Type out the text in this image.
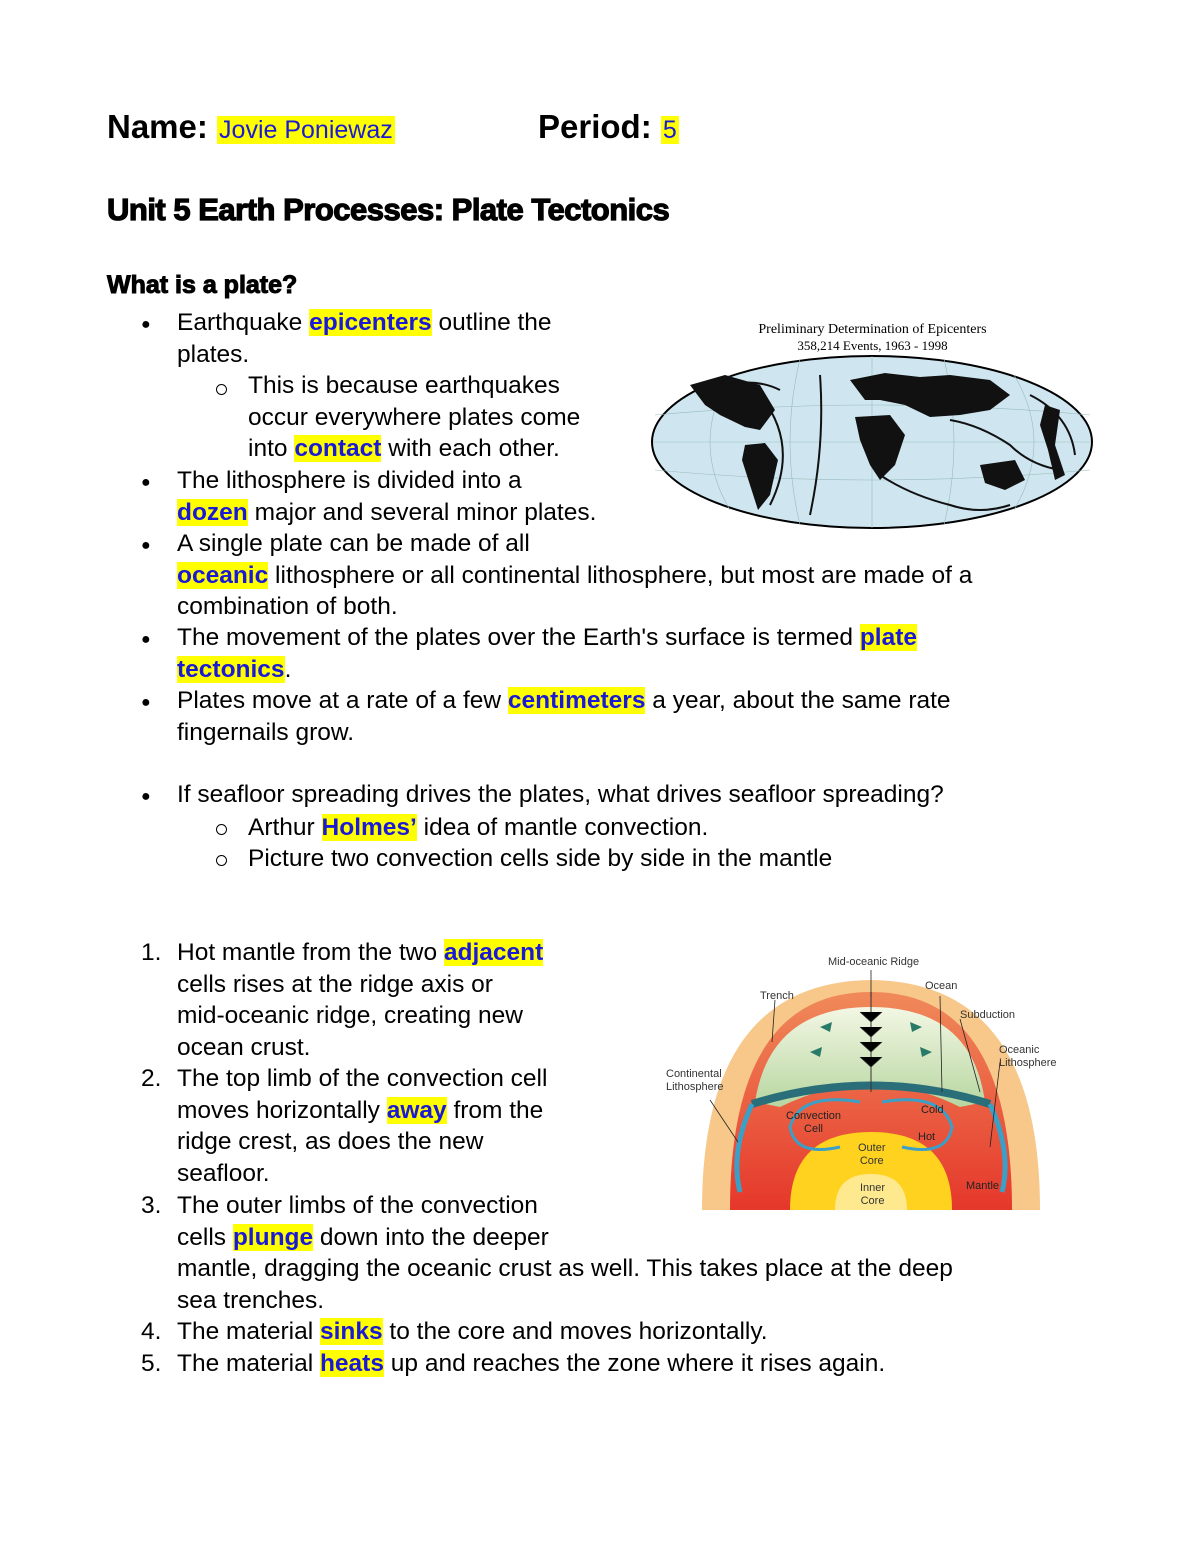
Name: Jovie Poniewaz	Period: 5
Unit 5 Earth Processes: Plate Tectonics
What is a plate?
● Earthquake epicenters outline the
plates.
This is because earthquakes
occur everywhere plates come
into contact with each other.
● The lithosphere is divided into a
dozen major and several minor plates.
● A single plate can be made of all
oceanic lithosphere or all continental lithosphere, but most are made of a
combination of both.
● The movement of the plates over the Earth's surface is termed plate
tectonics.
● Plates move at a rate of a few centimeters a year, about the same rate
fingernails grow.
● If seafloor spreading drives the plates, what drives seafloor spreading?
Arthur Holmes’ idea of mantle convection.
Picture two convection cells side by side in the mantle
1. Hot mantle from the two adjacent
cells rises at the ridge axis or
mid-oceanic ridge, creating new
ocean crust.
2. The top limb of the convection cell
moves horizontally away from the
ridge crest, as does the new
seafloor.
3. The outer limbs of the convection
cells plunge down into the deeper
mantle, dragging the oceanic crust as well. This takes place at the deep
sea trenches.
4. The material sinks to the core and moves horizontally.
5. The material heats up and reaches the zone where it rises again.
Preliminary Determination of Epicenters
358,214 Events, 1963 - 1998
Mid-oceanic Ridge
Ocean
Trench
Subduction
Oceanic
Lithosphere
Continental
Lithosphere
Convection
Cell
Cold
Hot
Outer
Core
Inner
Core
Mantle
